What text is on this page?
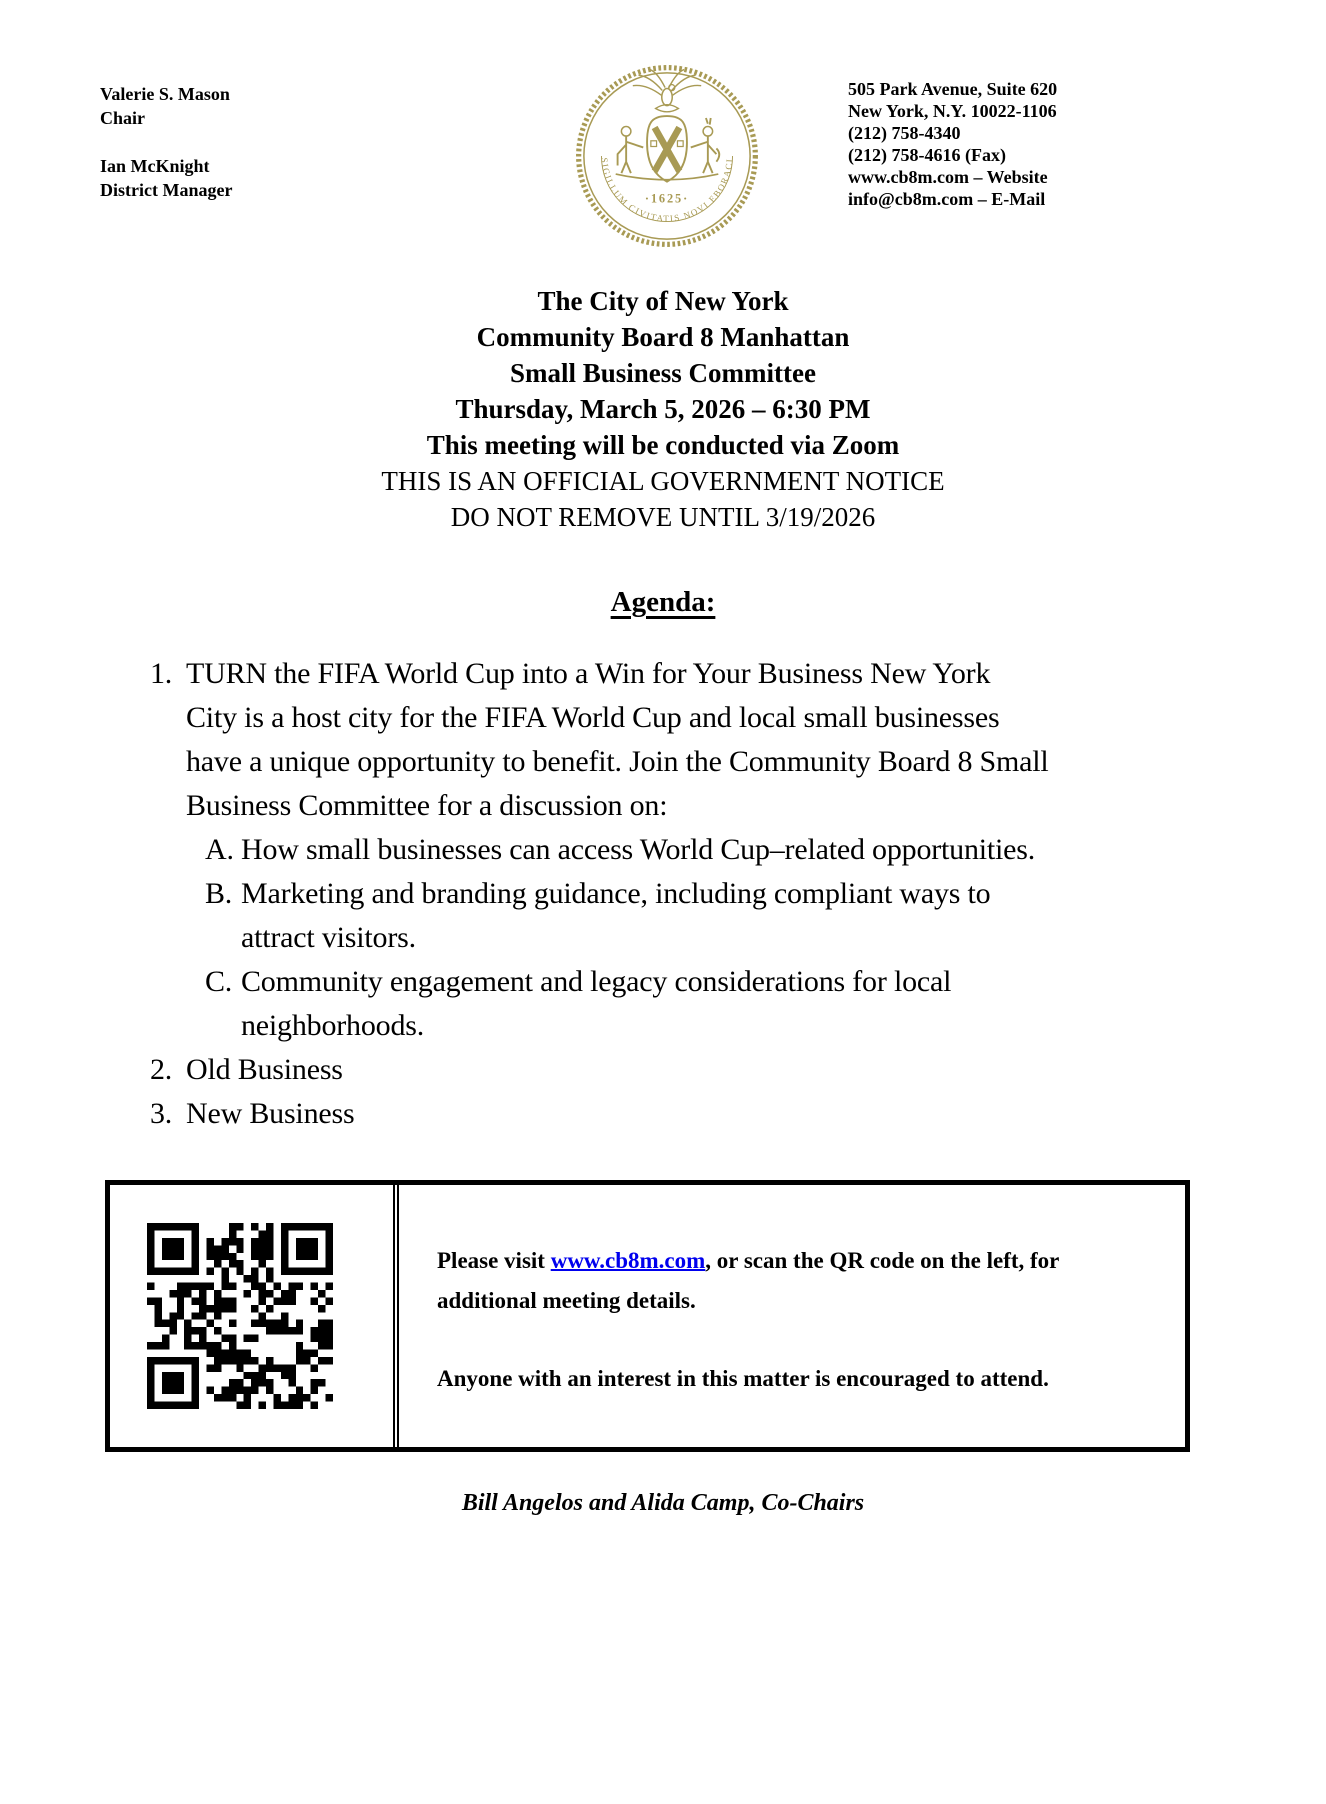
Valerie S. Mason
Chair
Ian McKnight
District Manager	·1625·
SIGILLUM CIVITATIS NOVI EBORACI
505 Park Avenue, Suite 620
New York, N.Y. 10022-1106
(212) 758-4340
(212) 758-4616 (Fax)
www.cb8m.com – Website
info@cb8m.com – E-Mail
The City of New York
Community Board 8 Manhattan
Small Business Committee
Thursday, March 5, 2026 – 6:30 PM
This meeting will be conducted via Zoom
THIS IS AN OFFICIAL GOVERNMENT NOTICE
DO NOT REMOVE UNTIL 3/19/2026
Agenda:
1. TURN the FIFA World Cup into a Win for Your Business New York
City is a host city for the FIFA World Cup and local small businesses
have a unique opportunity to benefit. Join the Community Board 8 Small
Business Committee for a discussion on:
A. How small businesses can access World Cup–related opportunities.
B. Marketing and branding guidance, including compliant ways to
attract visitors.
C. Community engagement and legacy considerations for local
neighborhoods.
2. Old Business
3. New Business

Please visit www.cb8m.com, or scan the QR code on the left, for additional meeting details.

Anyone with an interest in this matter is encouraged to attend.

Bill Angelos and Alida Camp, Co-Chairs
